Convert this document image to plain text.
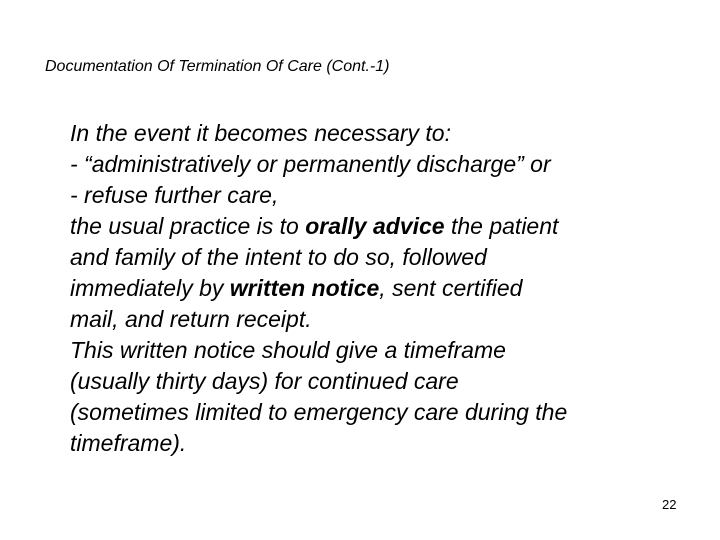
Documentation Of Termination Of Care (Cont.-1)
In the event it becomes necessary to:
- “administratively or permanently discharge” or
- refuse further care,
the usual practice is to orally advice the patient
and family of the intent to do so, followed
immediately by written notice, sent certified
mail, and return receipt.
This written notice should give a timeframe
(usually thirty days) for continued care
(sometimes limited to emergency care during the
timeframe).
22
